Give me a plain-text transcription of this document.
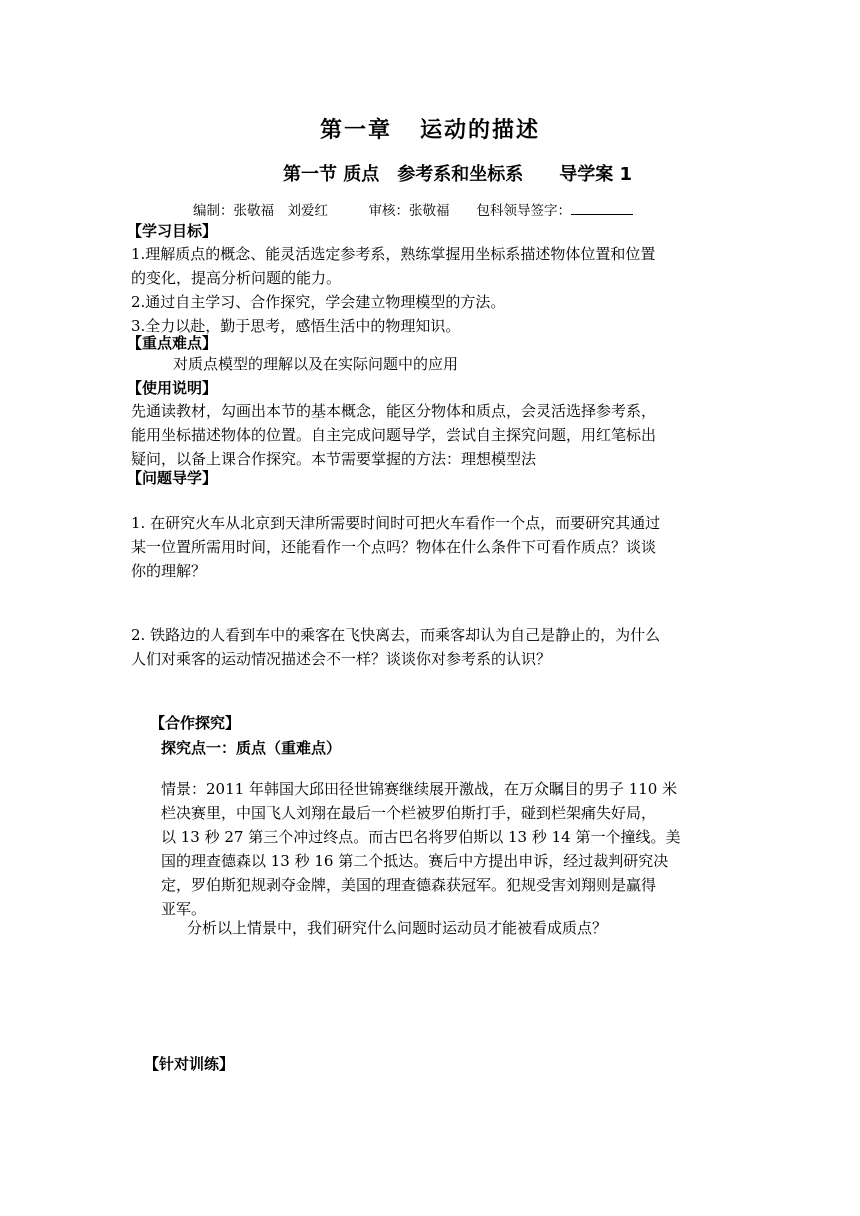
第一章 运动的描述
第一节 质点　 参考系和坐标系　　 导学案 1
编制：张敬福　刘爱红　　　	审核：张敬福　　 包科领导签字：
【学习目标】
1.理解质点的概念、能灵活选定参考系，熟练掌握用坐标系描述物体位置和位置
的变化，提高分析问题的能力。
2.通过自主学习、合作探究，学会建立物理模型的方法。
3.全力以赴，勤于思考，感悟生活中的物理知识。
【重点难点】
对质点模型的理解以及在实际问题中的应用
【使用说明】
先通读教材，勾画出本节的基本概念，能区分物体和质点，会灵活选择参考系，
能用坐标描述物体的位置。自主完成问题导学，尝试自主探究问题，用红笔标出
疑问，以备上课合作探究。本节需要掌握的方法：理想模型法
【问题导学】
1. 在研究火车从北京到天津所需要时间时可把火车看作一个点，而要研究其通过
某一位置所需用时间，还能看作一个点吗？物体在什么条件下可看作质点？谈谈
你的理解？
2. 铁路边的人看到车中的乘客在飞快离去，而乘客却认为自己是静止的，为什么
人们对乘客的运动情况描述会不一样？谈谈你对参考系的认识？
【合作探究】
探究点一：质点（重难点）
情景：2011 年韩国大邱田径世锦赛继续展开激战，在万众瞩目的男子 110 米
栏决赛里，中国飞人刘翔在最后一个栏被罗伯斯打手，碰到栏架痛失好局，
以 13 秒 27 第三个冲过终点。而古巴名将罗伯斯以 13 秒 14 第一个撞线。美
国的理查德森以 13 秒 16 第二个抵达。赛后中方提出申诉，经过裁判研究决
定，罗伯斯犯规剥夺金牌，美国的理查德森获冠军。犯规受害刘翔则是赢得
亚军。
分析以上情景中，我们研究什么问题时运动员才能被看成质点？
【针对训练】
